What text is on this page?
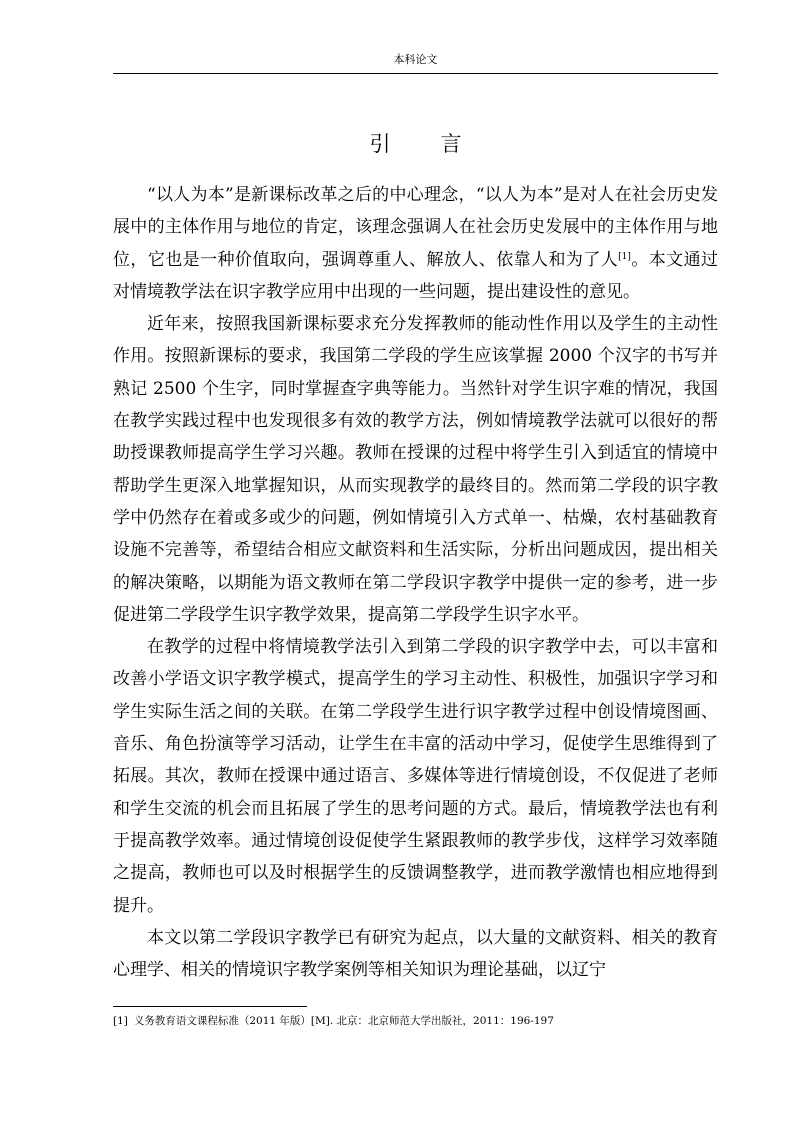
本科论文
引 言

“以人为本”是新课标改革之后的中心理念，“以人为本”是对人在社会历史发展中的主体作用与地位的肯定，该理念强调人在社会历史发展中的主体作用与地位，它也是一种价值取向，强调尊重人、解放人、依靠人和为了人[1]。本文通过对情境教学法在识字教学应用中出现的一些问题，提出建设性的意见。

近年来，按照我国新课标要求充分发挥教师的能动性作用以及学生的主动性作用。按照新课标的要求，我国第二学段的学生应该掌握 2000 个汉字的书写并熟记 2500 个生字，同时掌握查字典等能力。当然针对学生识字难的情况，我国在教学实践过程中也发现很多有效的教学方法，例如情境教学法就可以很好的帮助授课教师提高学生学习兴趣。教师在授课的过程中将学生引入到适宜的情境中帮助学生更深入地掌握知识，从而实现教学的最终目的。然而第二学段的识字教学中仍然存在着或多或少的问题，例如情境引入方式单一、枯燥，农村基础教育设施不完善等，希望结合相应文献资料和生活实际，分析出问题成因，提出相关的解决策略，以期能为语文教师在第二学段识字教学中提供一定的参考，进一步促进第二学段学生识字教学效果，提高第二学段学生识字水平。

在教学的过程中将情境教学法引入到第二学段的识字教学中去，可以丰富和改善小学语文识字教学模式，提高学生的学习主动性、积极性，加强识字学习和学生实际生活之间的关联。在第二学段学生进行识字教学过程中创设情境图画、音乐、角色扮演等学习活动，让学生在丰富的活动中学习，促使学生思维得到了拓展。其次，教师在授课中通过语言、多媒体等进行情境创设，不仅促进了老师和学生交流的机会而且拓展了学生的思考问题的方式。最后，情境教学法也有利于提高教学效率。通过情境创设促使学生紧跟教师的教学步伐，这样学习效率随之提高，教师也可以及时根据学生的反馈调整教学，进而教学激情也相应地得到提升。

本文以第二学段识字教学已有研究为起点，以大量的文献资料、相关的教育心理学、相关的情境识字教学案例等相关知识为理论基础，以辽宁

[1] 义务教育语文课程标准（2011 年版）[M]. 北京：北京师范大学出版社，2011：196-197
